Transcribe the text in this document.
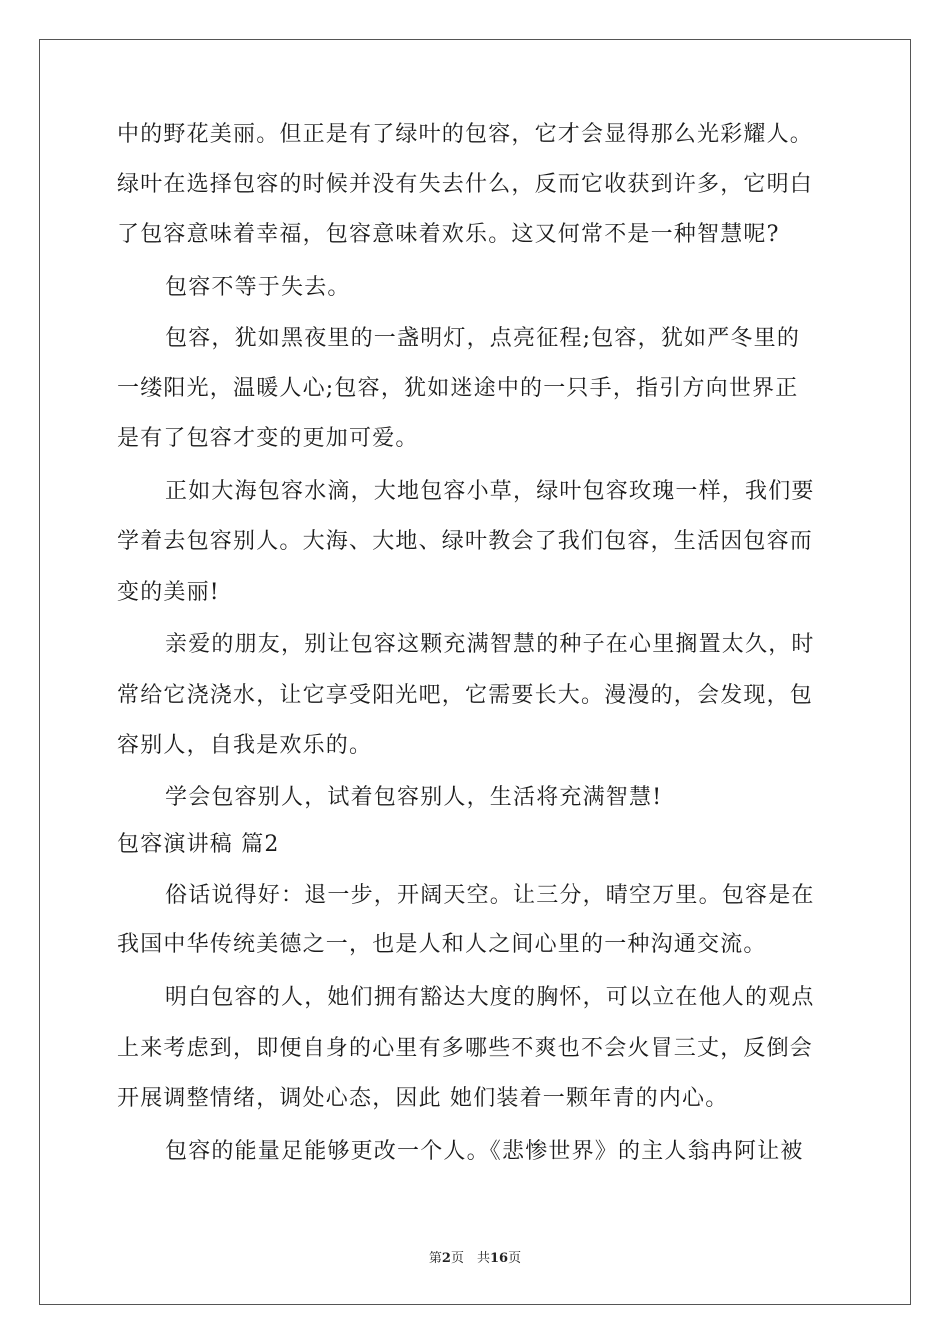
中的野花美丽。但正是有了绿叶的包容，它才会显得那么光彩耀人。
绿叶在选择包容的时候并没有失去什么，反而它收获到许多，它明白
了包容意味着幸福，包容意味着欢乐。这又何常不是一种智慧呢?
包容不等于失去。
包容，犹如黑夜里的一盏明灯，点亮征程;包容，犹如严冬里的
一缕阳光，温暖人心;包容，犹如迷途中的一只手，指引方向世界正
是有了包容才变的更加可爱。
正如大海包容水滴，大地包容小草，绿叶包容玫瑰一样，我们要
学着去包容别人。大海、大地、绿叶教会了我们包容，生活因包容而
变的美丽!
亲爱的朋友，别让包容这颗充满智慧的种子在心里搁置太久，时
常给它浇浇水，让它享受阳光吧，它需要长大。漫漫的，会发现，包
容别人，自我是欢乐的。
学会包容别人，试着包容别人，生活将充满智慧!
包容演讲稿 篇2
俗话说得好：退一步，开阔天空。让三分，晴空万里。包容是在
我国中华传统美德之一，也是人和人之间心里的一种沟通交流。
明白包容的人，她们拥有豁达大度的胸怀，可以立在他人的观点
上来考虑到，即便自身的心里有多哪些不爽也不会火冒三丈，反倒会
开展调整情绪，调处心态，因此 她们装着一颗年青的内心。
包容的能量足能够更改一个人。《悲惨世界》的主人翁冉阿让被
第2页　共16页
